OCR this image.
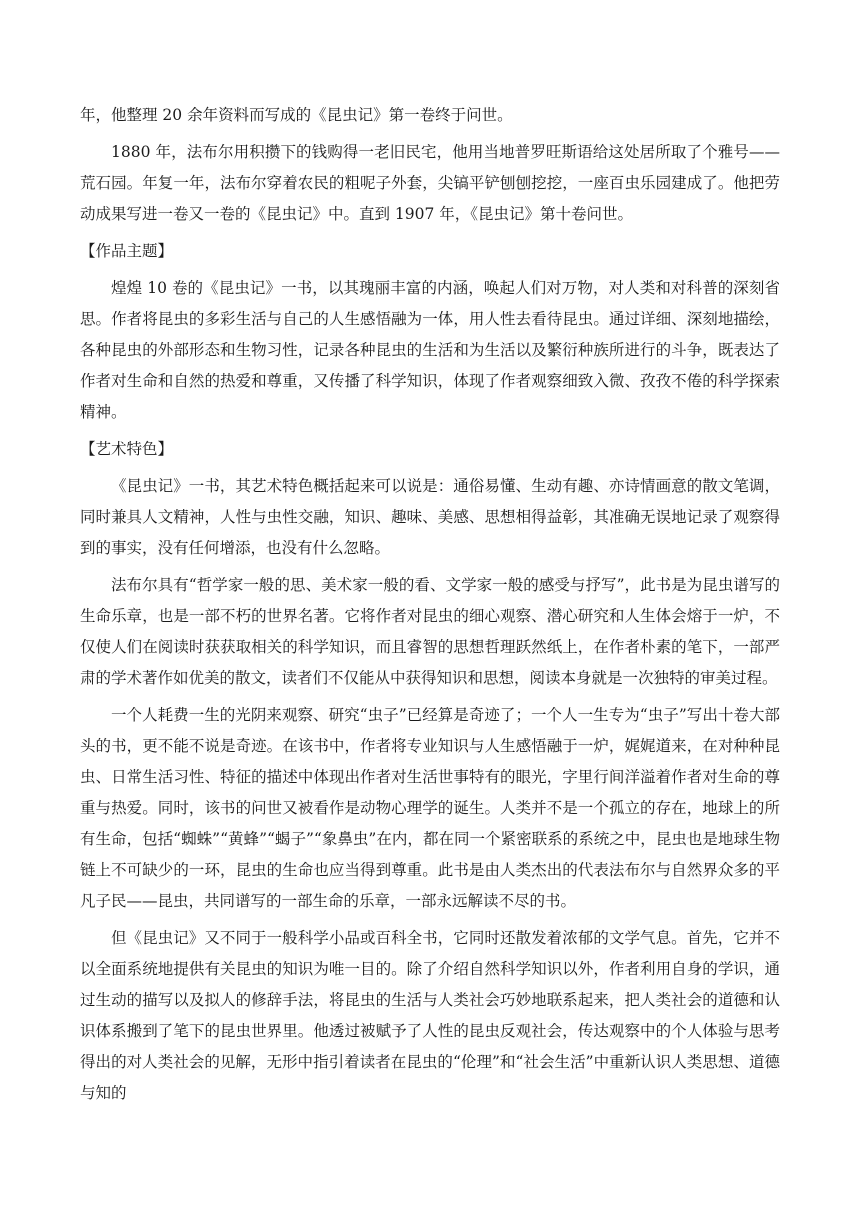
年，他整理 20 余年资料而写成的《昆虫记》第一卷终于问世。

1880 年，法布尔用积攒下的钱购得一老旧民宅，他用当地普罗旺斯语给这处居所取了个雅号——荒石园。年复一年，法布尔穿着农民的粗呢子外套，尖镐平铲刨刨挖挖，一座百虫乐园建成了。他把劳动成果写进一卷又一卷的《昆虫记》中。直到 1907 年，《昆虫记》第十卷问世。

【作品主题】

煌煌 10 卷的《昆虫记》一书，以其瑰丽丰富的内涵，唤起人们对万物，对人类和对科普的深刻省思。作者将昆虫的多彩生活与自己的人生感悟融为一体，用人性去看待昆虫。通过详细、深刻地描绘，各种昆虫的外部形态和生物习性，记录各种昆虫的生活和为生活以及繁衍种族所进行的斗争，既表达了作者对生命和自然的热爱和尊重，又传播了科学知识，体现了作者观察细致入微、孜孜不倦的科学探索精神。

【艺术特色】

《昆虫记》一书，其艺术特色概括起来可以说是：通俗易懂、生动有趣、亦诗情画意的散文笔调，同时兼具人文精神，人性与虫性交融，知识、趣味、美感、思想相得益彰，其准确无误地记录了观察得到的事实，没有任何增添，也没有什么忽略。

法布尔具有“哲学家一般的思、美术家一般的看、文学家一般的感受与抒写”，此书是为昆虫谱写的生命乐章，也是一部不朽的世界名著。它将作者对昆虫的细心观察、潜心研究和人生体会熔于一炉，不仅使人们在阅读时获获取相关的科学知识，而且睿智的思想哲理跃然纸上，在作者朴素的笔下，一部严肃的学术著作如优美的散文，读者们不仅能从中获得知识和思想，阅读本身就是一次独特的审美过程。

一个人耗费一生的光阴来观察、研究“虫子”已经算是奇迹了；一个人一生专为“虫子”写出十卷大部头的书，更不能不说是奇迹。在该书中，作者将专业知识与人生感悟融于一炉，娓娓道来，在对种种昆虫、日常生活习性、特征的描述中体现出作者对生活世事特有的眼光，字里行间洋溢着作者对生命的尊重与热爱。同时，该书的问世又被看作是动物心理学的诞生。人类并不是一个孤立的存在，地球上的所有生命，包括“蜘蛛”“黄蜂”“蝎子”“象鼻虫”在内，都在同一个紧密联系的系统之中，昆虫也是地球生物链上不可缺少的一环，昆虫的生命也应当得到尊重。此书是由人类杰出的代表法布尔与自然界众多的平凡子民——昆虫，共同谱写的一部生命的乐章，一部永远解读不尽的书。

但《昆虫记》又不同于一般科学小品或百科全书，它同时还散发着浓郁的文学气息。首先，它并不以全面系统地提供有关昆虫的知识为唯一目的。除了介绍自然科学知识以外，作者利用自身的学识，通过生动的描写以及拟人的修辞手法，将昆虫的生活与人类社会巧妙地联系起来，把人类社会的道德和认识体系搬到了笔下的昆虫世界里。他透过被赋予了人性的昆虫反观社会，传达观察中的个人体验与思考得出的对人类社会的见解，无形中指引着读者在昆虫的“伦理”和“社会生活”中重新认识人类思想、道德与知的
